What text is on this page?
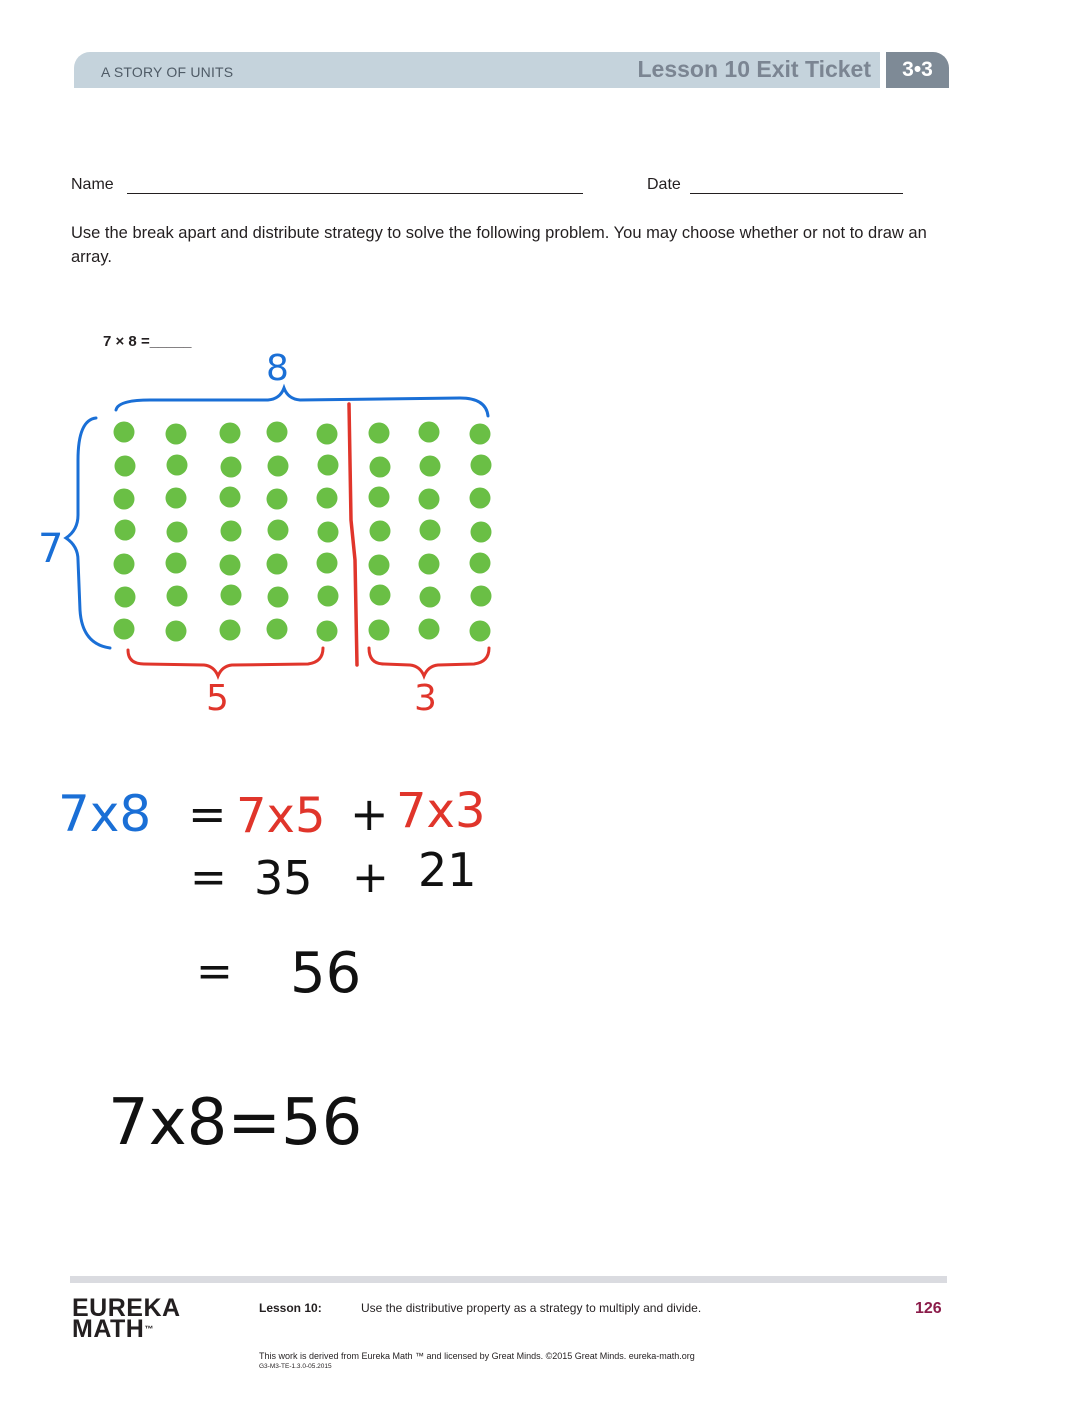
A STORY OF UNITS	Lesson 10 Exit Ticket	3•3
Name	Date
Use the break apart and distribute strategy to solve the following problem. You may choose whether or not to draw an array.
7 × 8 =_____
8
7
5	3
7x8 = 7x5 + 7x3
= 35 + 21
= 56
7x8=56
EUREKA
MATH™
Lesson 10:	Use the distributive property as a strategy to multiply and divide.	126
This work is derived from Eureka Math ™ and licensed by Great Minds. ©2015 Great Minds. eureka-math.org
G3-M3-TE-1.3.0-05.2015
